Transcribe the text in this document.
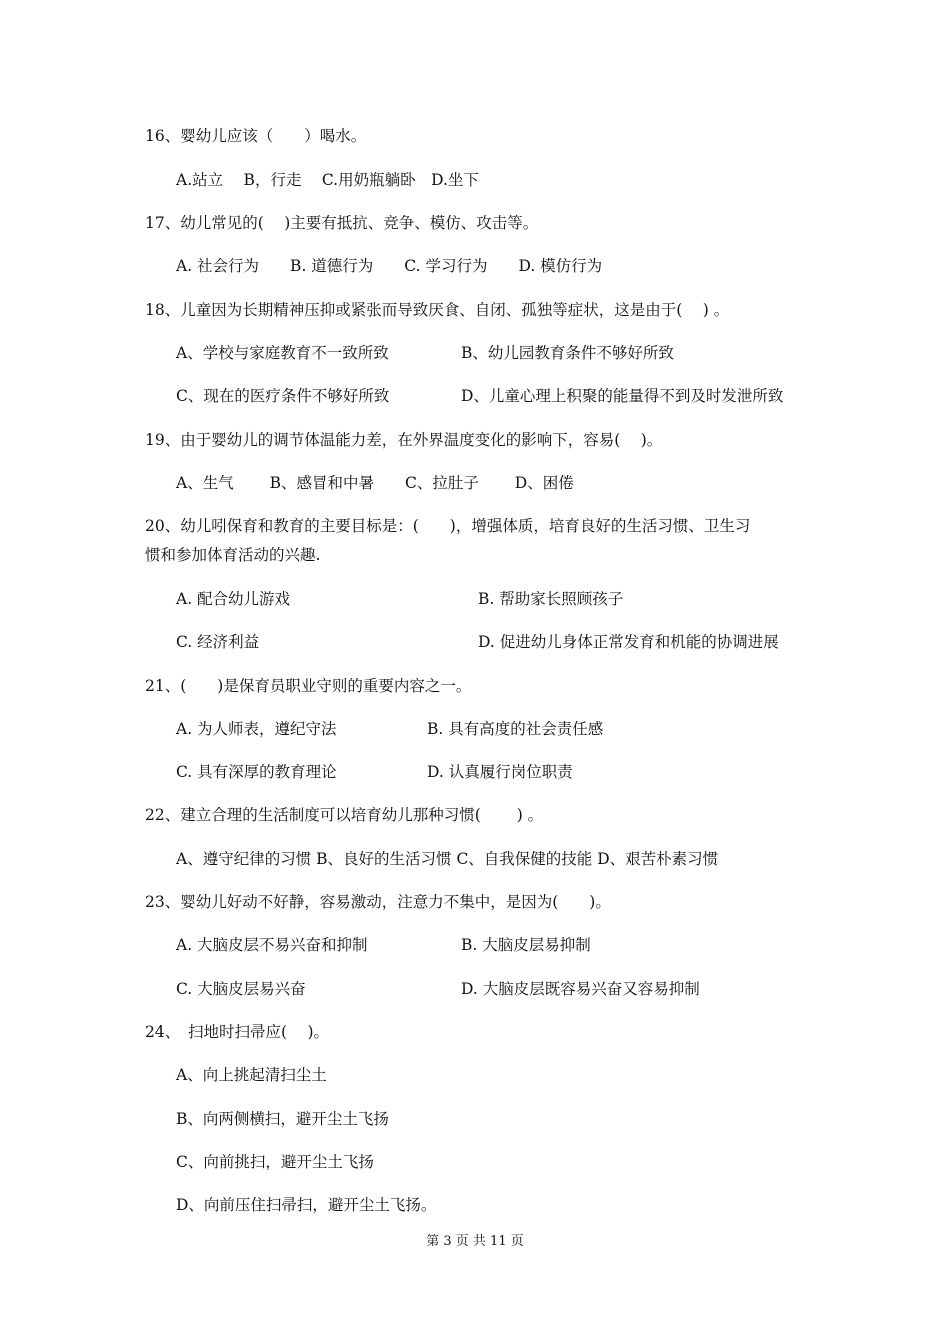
16、婴幼儿应该（　　）喝水。
A.站立　 B，行走　 C.用奶瓶躺卧　D.坐下
17、幼儿常见的(　 )主要有抵抗、竞争、模仿、攻击等。
A. 社会行为　　B. 道德行为　　C. 学习行为　　D. 模仿行为
18、儿童因为长期精神压抑或紧张而导致厌食、自闭、孤独等症状，这是由于(　 ) 。
A、学校与家庭教育不一致所致	B、幼儿园教育条件不够好所致
C、现在的医疗条件不够好所致	D、儿童心理上积聚的能量得不到及时发泄所致
19、由于婴幼儿的调节体温能力差，在外界温度变化的影响下，容易(　 )。
A、生气　　 B、感冒和中暑　　C、拉肚子　　 D、困倦
20、幼儿吲保育和教育的主要目标是：(　　)，增强体质，培育良好的生活习惯、卫生习
惯和参加体育活动的兴趣.
A. 配合幼儿游戏	B. 帮助家长照顾孩子
C. 经济利益	D. 促进幼儿身体正常发育和机能的协调进展
21、(　　)是保育员职业守则的重要内容之一。
A. 为人师表，遵纪守法	B. 具有高度的社会责任感
C. 具有深厚的教育理论	D. 认真履行岗位职责
22、建立合理的生活制度可以培育幼儿那种习惯(　　 ) 。
A、遵守纪律的习惯 B、良好的生活习惯 C、自我保健的技能 D、艰苦朴素习惯
23、婴幼儿好动不好静，容易激动，注意力不集中，是因为(　　)。
A. 大脑皮层不易兴奋和抑制	B. 大脑皮层易抑制
C. 大脑皮层易兴奋	D. 大脑皮层既容易兴奋又容易抑制
24、　扫地时扫帚应(　 )。
A、向上挑起清扫尘土
B、向两侧横扫，避开尘土飞扬
C、向前挑扫，避开尘土飞扬
D、向前压住扫帚扫，避开尘土飞扬。
第 3 页 共 11 页
